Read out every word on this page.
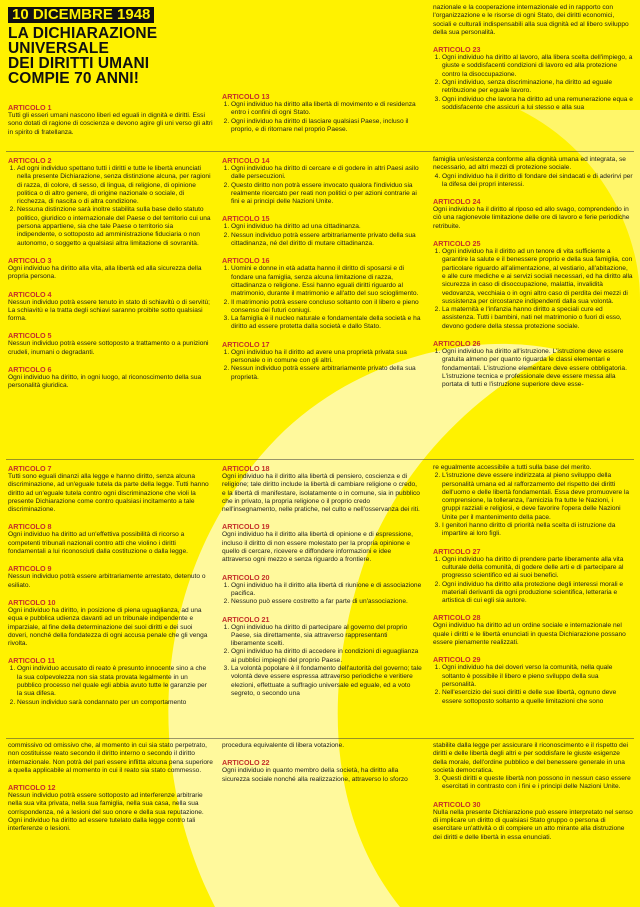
10 DICEMBRE 1948
LA DICHIARAZIONE UNIVERSALE
DEI DIRITTI UMANI
COMPIE 70 ANNI!

nazionale e la cooperazione internazionale ed in rapporto con l'organizzazione e le risorse di ogni Stato, dei diritti economici, sociali e culturali indispensabili alla sua dignità ed al libero sviluppo della sua personalità.

ARTICOLO 23
1. Ogni individuo ha diritto al lavoro, alla libera scelta dell'impiego, a giuste e soddisfacenti condizioni di lavoro ed alla protezione contro la disoccupazione.
2. Ogni individuo, senza discriminazione, ha diritto ad eguale retribuzione per eguale lavoro.
3. Ogni individuo che lavora ha diritto ad una remunerazione equa e soddisfacente che assicuri a lui stesso e alla sua
ARTICOLO 1

Tutti gli esseri umani nascono liberi ed eguali in dignità e diritti. Essi sono dotati di ragione di coscienza e devono agire gli uni verso gli altri in spirito di fratellanza.

ARTICOLO 13
1. Ogni individuo ha diritto alla libertà di movimento e di residenza entro i confini di ogni Stato.
2. Ogni individuo ha diritto di lasciare qualsiasi Paese, incluso il proprio, e di ritornare nel proprio Paese.
ARTICOLO 2
1. Ad ogni individuo spettano tutti i diritti e tutte le libertà enunciati nella presente Dichiarazione, senza distinzione alcuna, per ragioni di razza, di colore, di sesso, di lingua, di religione, di opinione politica o di altro genere, di origine nazionale o sociale, di ricchezza, di nascita o di altra condizione.
2. Nessuna distinzione sarà inoltre stabilita sulla base dello statuto politico, giuridico o internazionale del Paese o del territorio cui una persona appartiene, sia che tale Paese o territorio sia indipendente, o sottoposto ad amministrazione fiduciaria o non autonomo, o soggetto a qualsiasi altra limitazione di sovranità.
ARTICOLO 3

Ogni individuo ha diritto alla vita, alla libertà ed alla sicurezza della propria persona.

ARTICOLO 4

Nessun individuo potrà essere tenuto in stato di schiavitù o di servitù; La schiavitù e la tratta degli schiavi saranno proibite sotto qualsiasi forma.

ARTICOLO 5

Nessun individuo potrà essere sottoposto a trattamento o a punizioni crudeli, inumani o degradanti.

ARTICOLO 6

Ogni individuo ha diritto, in ogni luogo, al riconoscimento della sua personalità giuridica.

ARTICOLO 14
1. Ogni individuo ha diritto di cercare e di godere in altri Paesi asilo dalle persecuzioni.
2. Questo diritto non potrà essere invocato qualora l'individuo sia realmente ricercato per reati non politici o per azioni contrarie ai fini e ai principi delle Nazioni Unite.
ARTICOLO 15
1. Ogni individuo ha diritto ad una cittadinanza.
2. Nessun individuo potrà essere arbitrariamente privato della sua cittadinanza, né del diritto di mutare cittadinanza.
ARTICOLO 16
1. Uomini e donne in età adatta hanno il diritto di sposarsi e di fondare una famiglia, senza alcuna limitazione di razza, cittadinanza o religione. Essi hanno eguali diritti riguardo al matrimonio, durante il matrimonio e all'atto del suo scioglimento.
2. Il matrimonio potrà essere concluso soltanto con il libero e pieno consenso dei futuri coniugi.
3. La famiglia è il nucleo naturale e fondamentale della società e ha diritto ad essere protetta dalla società e dallo Stato.
ARTICOLO 17
1. Ogni individuo ha il diritto ad avere una proprietà privata sua personale o in comune con gli altri.
2. Nessun individuo potrà essere arbitrariamente privato della sua proprietà.

famiglia un'esistenza conforme alla dignità umana ed integrata, se necessario, ad altri mezzi di protezione sociale.

4. Ogni individuo ha il diritto di fondare dei sindacati e di aderirvi per la difesa dei propri interessi.
ARTICOLO 24

Ogni individuo ha il diritto al riposo ed allo svago, comprendendo in ciò una ragionevole limitazione delle ore di lavoro e ferie periodiche retribuite.

ARTICOLO 25
1. Ogni individuo ha il diritto ad un tenore di vita sufficiente a garantire la salute e il benessere proprio e della sua famiglia, con particolare riguardo all'alimentazione, al vestiario, all'abitazione, e alle cure mediche e ai servizi sociali necessari, ed ha diritto alla sicurezza in caso di disoccupazione, malattia, invalidità vedovanza, vecchiaia o in ogni altro caso di perdita dei mezzi di sussistenza per circostanze indipendenti dalla sua volontà.
2. La maternità e l'infanzia hanno diritto a speciali cure ed assistenza. Tutti i bambini, nati nel matrimonio o fuori di esso, devono godere della stessa protezione sociale.
ARTICOLO 26
1. Ogni individuo ha diritto all'istruzione. L'istruzione deve essere gratuita almeno per quanto riguarda le classi elementari e fondamentali. L'istruzione elementare deve essere obbligatoria. L'istruzione tecnica e professionale deve essere messa alla portata di tutti e l'istruzione superiore deve esse-
ARTICOLO 7

Tutti sono eguali dinanzi alla legge e hanno diritto, senza alcuna discriminazione, ad un'eguale tutela da parte della legge. Tutti hanno diritto ad un'eguale tutela contro ogni discriminazione che violi la presente Dichiarazione come contro qualsiasi incitamento a tale discriminazione.

ARTICOLO 8

Ogni individuo ha diritto ad un'effettiva possibilità di ricorso a competenti tribunali nazionali contro atti che violino i diritti fondamentali a lui riconosciuti dalla costituzione o dalla legge.

ARTICOLO 9

Nessun individuo potrà essere arbitrariamente arrestato, detenuto o esiliato.

ARTICOLO 10

Ogni individuo ha diritto, in posizione di piena uguaglianza, ad una equa e pubblica udienza davanti ad un tribunale indipendente e imparziale, al fine della determinazione dei suoi diritti e dei suoi doveri, nonché della fondatezza di ogni accusa penale che gli venga rivolta.

ARTICOLO 11
1. Ogni individuo accusato di reato è presunto innocente sino a che la sua colpevolezza non sia stata provata legalmente in un pubblico processo nel quale egli abbia avuto tutte le garanzie per la sua difesa.
2. Nessun individuo sarà condannato per un comportamento
ARTICOLO 18

Ogni individuo ha il diritto alla libertà di pensiero, coscienza e di religione; tale diritto include la libertà di cambiare religione o credo, e la libertà di manifestare, isolatamente o in comune, sia in pubblico che in privato, la propria religione o il proprio credo nell'insegnamento, nelle pratiche, nel culto e nell'osservanza dei riti.

ARTICOLO 19

Ogni individuo ha il diritto alla libertà di opinione e di espressione, incluso il diritto di non essere molestato per la propria opinione e quello di cercare, ricevere e diffondere informazioni e idee attraverso ogni mezzo e senza riguardo a frontiere.

ARTICOLO 20
1. Ogni individuo ha il diritto alla libertà di riunione e di associazione pacifica.
2. Nessuno può essere costretto a far parte di un'associazione.
ARTICOLO 21
1. Ogni individuo ha diritto di partecipare al governo del proprio Paese, sia direttamente, sia attraverso rappresentanti liberamente scelti.
2. Ogni individuo ha diritto di accedere in condizioni di eguaglianza ai pubblici impieghi del proprio Paese.
3. La volontà popolare è il fondamento dell'autorità del governo; tale volontà deve essere espressa attraverso periodiche e veritiere elezioni, effettuate a suffragio universale ed eguale, ed a voto segreto, o secondo una

re egualmente accessibile a tutti sulla base del merito.

2. L'istruzione deve essere indirizzata al pieno sviluppo della personalità umana ed al rafforzamento del rispetto dei diritti dell'uomo e delle libertà fondamentali. Essa deve promuovere la comprensione, la tolleranza, l'amicizia fra tutte le Nazioni, i gruppi razziali e religiosi, e deve favorire l'opera delle Nazioni Unite per il mantenimento della pace.
3. I genitori hanno diritto di priorità nella scelta di istruzione da impartire ai loro figli.
ARTICOLO 27
1. Ogni individuo ha diritto di prendere parte liberamente alla vita culturale della comunità, di godere delle arti e di partecipare al progresso scientifico ed ai suoi benefici.
2. Ogni individuo ha diritto alla protezione degli interessi morali e materiali derivanti da ogni produzione scientifica, letteraria e artistica di cui egli sia autore.
ARTICOLO 28

Ogni individuo ha diritto ad un ordine sociale e internazionale nel quale i diritti e le libertà enunciati in questa Dichiarazione possano essere pienamente realizzati.

ARTICOLO 29
1. Ogni individuo ha dei doveri verso la comunità, nella quale soltanto è possibile il libero e pieno sviluppo della sua personalità.
2. Nell'esercizio dei suoi diritti e delle sue libertà, ognuno deve essere sottoposto soltanto a quelle limitazioni che sono

commissivo od omissivo che, al momento in cui sia stato perpetrato, non costituisse reato secondo il diritto interno o secondo il diritto internazionale. Non potrà del pari essere inflitta alcuna pena superiore a quella applicabile al momento in cui il reato sia stato commesso.

ARTICOLO 12

Nessun individuo potrà essere sottoposto ad interferenze arbitrarie nella sua vita privata, nella sua famiglia, nella sua casa, nella sua corrispondenza, né a lesioni del suo onore e della sua reputazione. Ogni individuo ha diritto ad essere tutelato dalla legge contro tali interferenze o lesioni.

procedura equivalente di libera votazione.

ARTICOLO 22

Ogni individuo in quanto membro della società, ha diritto alla sicurezza sociale nonché alla realizzazione, attraverso lo sforzo

stabilite dalla legge per assicurare il riconoscimento e il rispetto dei diritti e delle libertà degli altri e per soddisfare le giuste esigenze della morale, dell'ordine pubblico e del benessere generale in una società democratica.

3. Questi diritti e queste libertà non possono in nessun caso essere esercitati in contrasto con i fini e i principi delle Nazioni Unite.
ARTICOLO 30

Nulla nella presente Dichiarazione può essere interpretato nel senso di implicare un diritto di qualsiasi Stato gruppo o persona di esercitare un'attività o di compiere un atto mirante alla distruzione dei diritti e delle libertà in essa enunciati.
